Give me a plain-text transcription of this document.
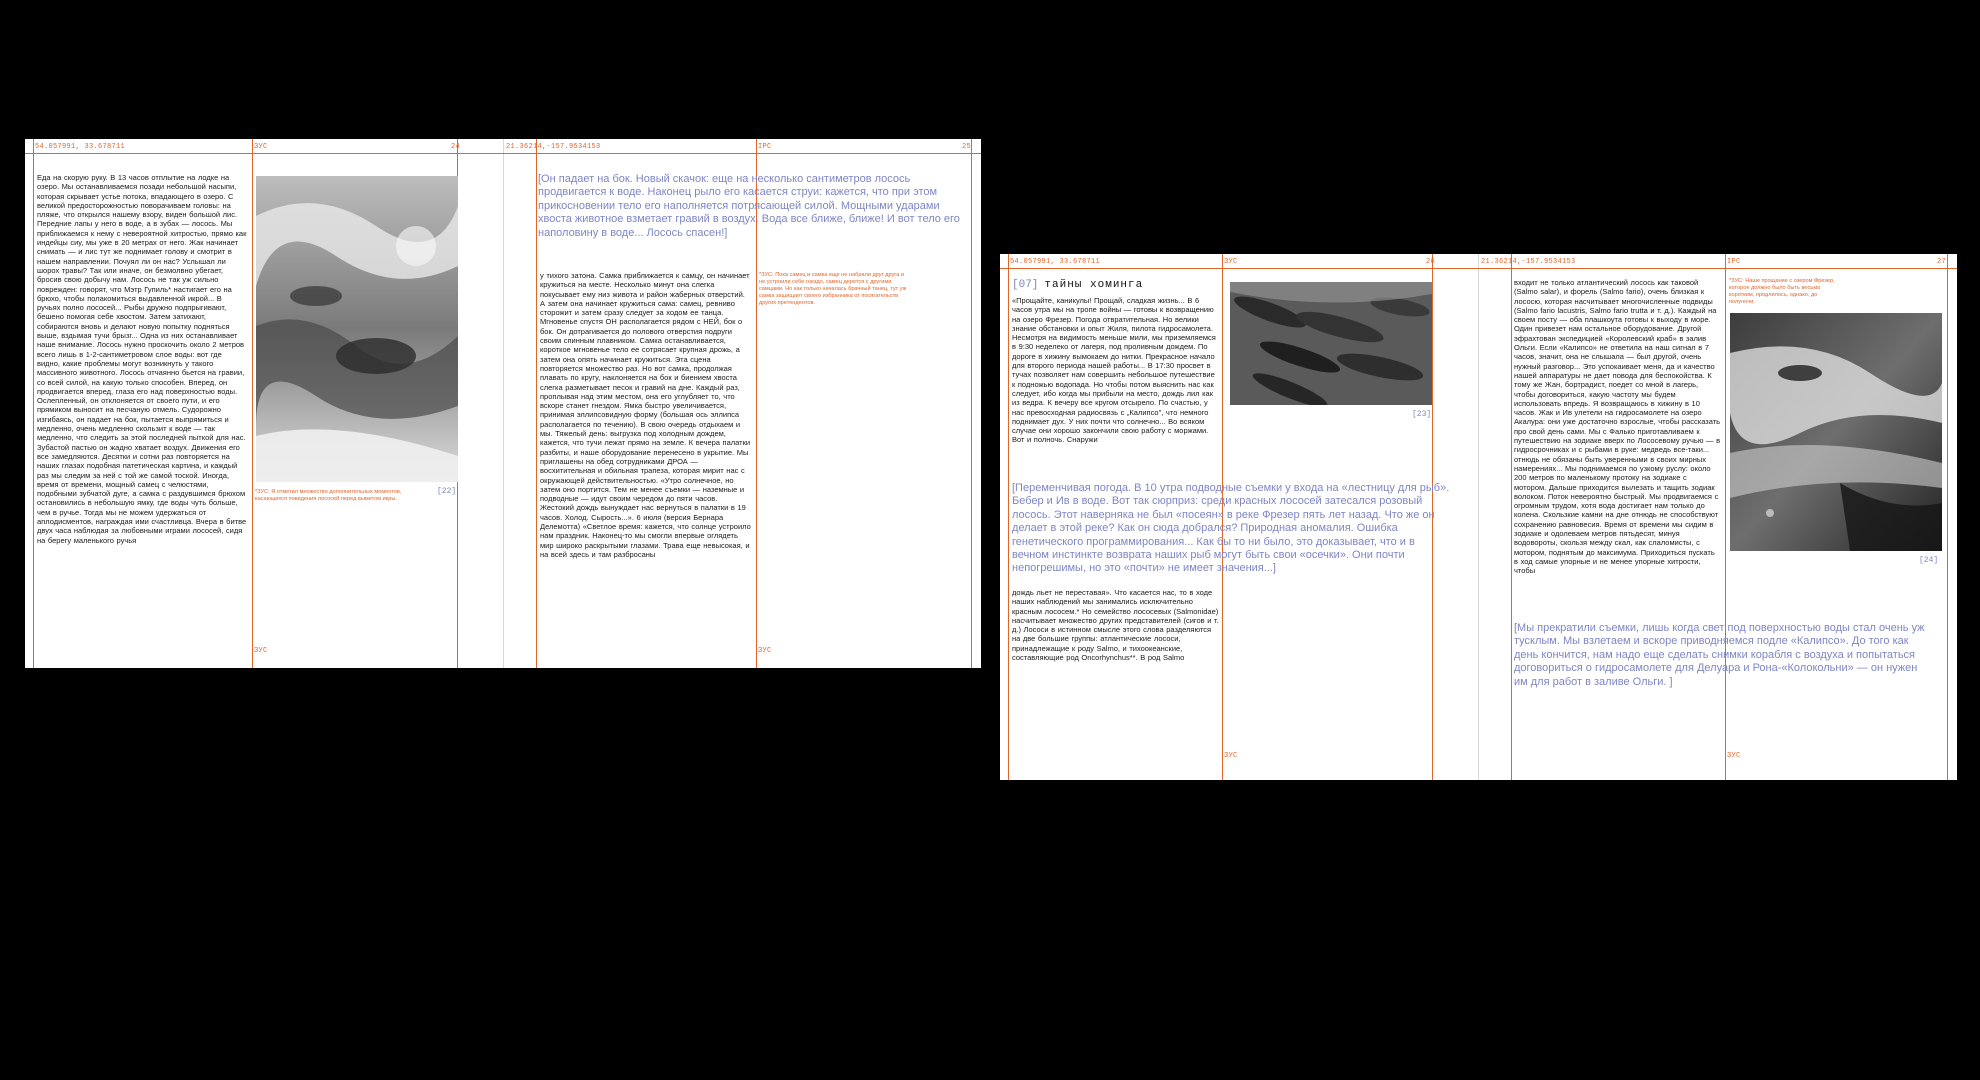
54.057991, 33.678711	ЗУС	24

Еда на скорую руку. В 13 часов отплытие на лодке на озеро. Мы останавливаемся позади небольшой насыпи, которая скрывает устье потока, впадающего в озеро. С великой предосторожностью поворачиваем головы: на пляже, что открылся нашему взору, виден большой лис. Передние лапы у него в воде, а в зубах — лосось. Мы приближаемся к нему с неверoятной хитростью, прямо как индейцы сиу, мы уже в 20 метрах от него. Жак начинает снимать — и лис тут же поднимает голову и смотрит в нашем направлении. Почуял ли он нас? Услышал ли шорох травы? Так или иначе, он безмолвно убегает, бросив свою добычу нам. Лосось не так уж сильно поврежден: говорят, что Мэтр Гупиль* настигает его на брюхо, чтобы полакомиться выдавленной икрой... В ручьях полно лососей... Рыбы дружно подпрыгивают, бешено помогая себе хвостом. Затем затихают, собираются вновь и делают новую попытку подняться выше, вздымая тучи брызг... Одна из них останавливает наше внимание. Лосось нужно проскочить около 2 метров всего лишь в 1-2-сантиметровом слое воды: вот где видно, какие проблемы могут возникнуть у такого массивного животного. Лосось отчаянно бьется на гравии, со всей силой, на какую только способен. Вперед, он продвигается вперед, глаза его над поверхностью воды. Ослепленный, он отклоняется от своего пути, и его прямиком выносит на песчаную отмель. Судорожно изгибаясь, он падает на бок, пытается выпрямиться и медленно, очень медленно скользит к воде — так медленно, что следить за этой последней пыткой для нас. Зубастой пастью он жадно хватает воздух. Движения его все замедляются. Десятки и сотни раз повторяется на наших глазах подобная патетическая картина, и каждый раз мы следим за ней с той же самой тоской. Иногда, время от времени, мощный самец с челюстями, подобными зубчатой дуге, а самка с раздувшимся брюхом остановились в небольшую ямку, где воды чуть больше, чем в ручье. Тогда мы не можем удержаться от аплодисментов, награждая ими счастливца. Вчера в битве двух часа наблюдая за любовными играми лососей, сидя на берегу маленького ручья

[22]

*ЗУС: Я отметил множество дополнительных моментов, касающихся поведения лососей перед выметом икры.

ЗУС
21.36214,-157.9534153	IPC	25

[Он падает на бок. Новый скачок: еще на несколько сантиметров лосось продвигается к воде. Наконец рыло его касается струи: кажется, что при этом прикосновении тело его наполняется потрясающей силой. Мощными ударами хвоста животное взметает гравий в воздух. Вода все ближе, ближе! И вот тело его наполовину в воде... Лосось спасен!]

у тихого затона. Самка приближается к самцу, он начинает кружиться на месте. Несколько минут она слегка покусывает ему низ живота и район жаберных отверстий. А затем она начинает кружиться сама: самец, ревниво сторожит и затем сразу следует за ходом ее танца. Мгновенье спустя ОН располагается рядом с НЕЙ, бок о бок. Он дотрагивается до полового отверстия подруги своим спинным плавником. Самка останавливается, короткое мгновенье тело ее сотрясает крупная дрожь, а затем она опять начинает кружиться. Эта сцена повторяется множество раз. Но вот самка, продолжая плавать по кругу, наклоняется на бок и биением хвоста слегка разметывает песок и гравий на дне. Каждый раз, проплывая над этим местом, она его углубляет то, что вскоре станет гнездом. Ямка быстро увеличивается, принимая эллипсовидную форму (большая ось эллипса располагается по течению). В свою очередь отдыхаем и мы. Тяжелый день: выгрузка под холодным дождем, кажется, что тучи лежат прямо на земле. К вечера палатки разбиты, и наше оборудование перенесено в укрытие. Мы приглашены на обед сотрудниками ДРОА — восхитительная и обильная трапеза, которая мирит нас с окружающей действительностью. «Утро солнечное, но затем оно портится. Тем не менее съемки — наземные и подводные — идут своим чередом до пяти часов. Жестокий дождь вынуждает нас вернуться в палатки в 19 часов. Холод. Сырость...». 6 июля (версия Бернара Делемотта) «Светлое время: кажется, что солнце устроило нам праздник. Наконец-то мы смогли впервые оглядеть мир широко раскрытыми глазами. Трава еще невысокая, и на всей здесь и там разбросаны

*ЗУС: Пока самец и самка еще не набрали друг друга и не устроили себе гнездо, самец дерется с другими самцами. Но как только началась брачный танец, тут уж самка защищает своего избранника от посягательств других претендентов.

ЗУС
54.057991, 33.678711	ЗУС	26
[07] тайны хоминга

«Прощайте, каникулы! Прощай, сладкая жизнь... В 6 часов утра мы на тропе войны — готовы к возвращению на озеро Фрезер. Погода отвратительная. Но велики знание обстановки и опыт Жиля, пилота гидросамолета. Несмотря на видимость меньше мили, мы приземляемся в 9:30 неделеко от лагеря, под проливным дождем. По дороге в хижину вымокаем до нитки. Прекрасное начало для второго периода нашей работы... В 17:30 просвет в тучах позволяет нам совершить небольшое путешествие к подножью водопада. Но чтобы потом выяснить нас как следует, ибо когда мы прибыли на место, дождь лил как из ведра. К вечеру все кругом отсырело. По счастью, у нас превосходная радиосвязь с „Калипсо", что немного поднимает дух. У них почти что солнечно... Во всяком случае они хорошо закончили свою работу с моржами. Вот и полночь. Снаружи

[23]

[Переменчивая погода. В 10 утра подводные съемки у входа на «лестницу для рыб». Бебер и Ив в воде. Вот так сюрприз: среди красных лососей затесался розовый лосось. Этот наверняка не был «посеян» в реке Фрезер пять лет назад. Что же он делает в этой реке? Как он сюда добрался? Природная аномалия. Ошибка генетического программирования... Как бы то ни было, это доказывает, что и в вечном инстинкте возврата наших рыб могут быть свои «осечки». Они почти непогрешимы, но это «почти» не имеет значения...]

дождь льет не переставая». Что касается нас, то в ходе наших наблюдений мы занимались исключительно красным лососем.* Но семейство лососевых (Salmonidae) насчитывает множество других представителей (сигов и т. д.) Лососи в истинном смысле этого слова разделяются на две большие группы: атлантические лососи, принадлежащие к роду Salmo, и тихоокеанские, составляющие род Oncorhynchus**. В род Salmo

ЗУС
21.36214,-157.9534153	IPC	27

входит не только атлантический лосось как таковой (Salmo salar), и форель (Salmo fario), очень близкая к лососю, которая насчитывает многочисленные подвиды (Salmo fario lacustris, Salmo fario trutta и т. д.). Каждый на своем посту — оба плашкоута готовы к выходу в море. Один привезет нам остальное оборудование. Другой эфрахтован экспедицией «Королевский краб» в залив Ольги. Если «Калипсо» не ответила на наш сигнал в 7 часов, значит, она не слышала — был другой, очень нужный разговор... Это успокаивает меня, да и качество нашей аппаратуры не дает повода для беспокойства. К тому же Жан, бортрадист, поедет со мной в лагерь, чтобы договориться, какую частоту мы будем использовать впредь. Я возвращаюсь в хижину в 10 часов. Жак и Ив улетели на гидросамолете на озеро Акалура: они уже достаточно взрослые, чтобы рассказать про свой день сами. Мы с Фалько приготавливаем к путешествию на зодиаке вверх по Лососевому ручью — в гидросрочниках и с рыбами в руке: медведь все-таки... отнюдь не обязаны быть уверенными в своих мирных намерениях... Мы поднимаемся по узкому руслу: около 200 метров по маленькому протоку на зодиаке с мотором. Дальше приходится вылезать и тащить зодиак волоком. Поток невероятно быстрый. Мы продвигаемся с огромным трудом, хотя вода достигает нам только до колена. Скользкие камни на дне отнюдь не способствуют сохранению равновесия. Время от времени мы сидим в зодиаке и одолеваем метров пятьдесят, минуя водовороты, скользя между скал, как слаломисты, с мотором, поднятым до максимума. Приходиться пускать в ход самые упорные и не менее упорные хитрости, чтобы

*ЗУС: Наше прощание с озером Фрезер, которое должно было быть весьма коротким, продлилось, однако, до полуночи.

[24]

[Мы прекратили съемки, лишь когда свет под поверхностью воды стал очень уж тусклым. Мы взлетаем и вскоре приводняемся подле «Калипсо». До того как день кончится, нам надо еще сделать снимки корабля с воздуха и попытаться договориться о гидросамолете для Делуара и Рона-«Колокольни» — он нужен им для работ в заливе Ольги. ]

ЗУС
